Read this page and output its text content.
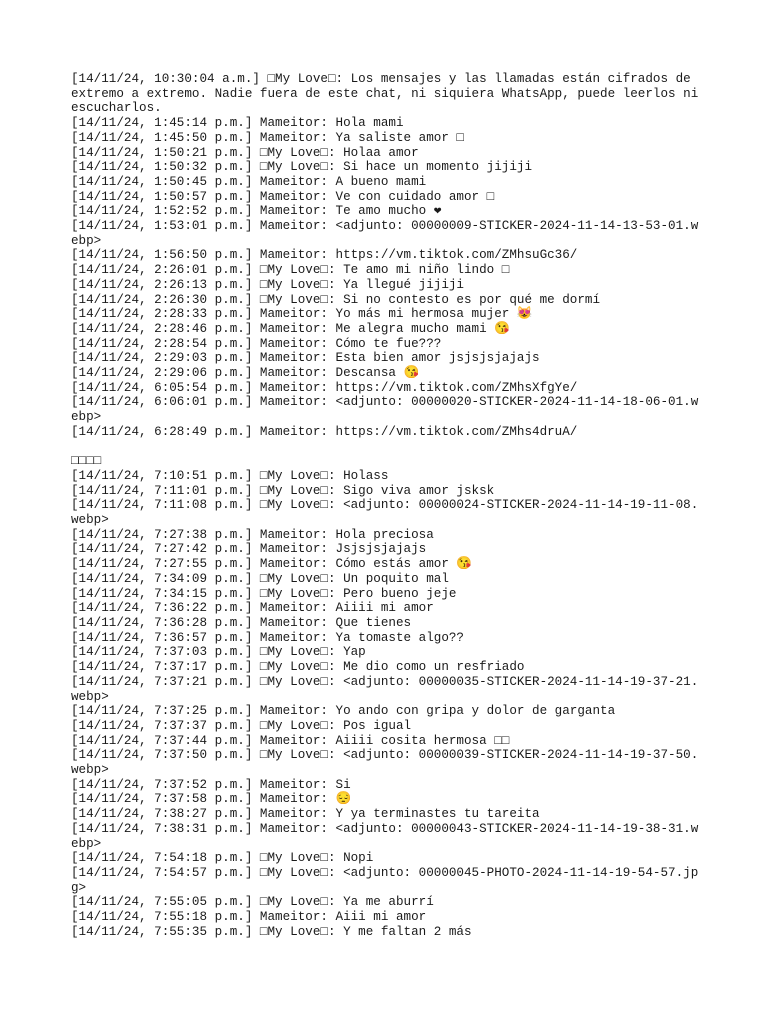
[14/11/24, 10:30:04 a.m.] □My Love□: Los mensajes y las llamadas están cifrados de extremo a extremo. Nadie fuera de este chat, ni siquiera WhatsApp, puede leerlos ni escucharlos.
[14/11/24, 1:45:14 p.m.] Mameitor: Hola mami
[14/11/24, 1:45:50 p.m.] Mameitor: Ya saliste amor □
[14/11/24, 1:50:21 p.m.] □My Love□: Holaa amor
[14/11/24, 1:50:32 p.m.] □My Love□: Si hace un momento jijiji
[14/11/24, 1:50:45 p.m.] Mameitor: A bueno mami
[14/11/24, 1:50:57 p.m.] Mameitor: Ve con cuidado amor □
[14/11/24, 1:52:52 p.m.] Mameitor: Te amo mucho ❤
[14/11/24, 1:53:01 p.m.] Mameitor: <adjunto: 00000009-STICKER-2024-11-14-13-53-01.webp>
[14/11/24, 1:56:50 p.m.] Mameitor: https://vm.tiktok.com/ZMhsuGc36/
[14/11/24, 2:26:01 p.m.] □My Love□: Te amo mi niño lindo □
[14/11/24, 2:26:13 p.m.] □My Love□: Ya llegué jijiji
[14/11/24, 2:26:30 p.m.] □My Love□: Si no contesto es por qué me dormí
[14/11/24, 2:28:33 p.m.] Mameitor: Yo más mi hermosa mujer 😻
[14/11/24, 2:28:46 p.m.] Mameitor: Me alegra mucho mami 😘
[14/11/24, 2:28:54 p.m.] Mameitor: Cómo te fue???
[14/11/24, 2:29:03 p.m.] Mameitor: Esta bien amor jsjsjsjajajs
[14/11/24, 2:29:06 p.m.] Mameitor: Descansa 😘
[14/11/24, 6:05:54 p.m.] Mameitor: https://vm.tiktok.com/ZMhsXfgYe/
[14/11/24, 6:06:01 p.m.] Mameitor: <adjunto: 00000020-STICKER-2024-11-14-18-06-01.webp>
[14/11/24, 6:28:49 p.m.] Mameitor: https://vm.tiktok.com/ZMhs4druA/
□□□□
[14/11/24, 7:10:51 p.m.] □My Love□: Holass
[14/11/24, 7:11:01 p.m.] □My Love□: Sigo viva amor jsksk
[14/11/24, 7:11:08 p.m.] □My Love□: <adjunto: 00000024-STICKER-2024-11-14-19-11-08.webp>
[14/11/24, 7:27:38 p.m.] Mameitor: Hola preciosa
[14/11/24, 7:27:42 p.m.] Mameitor: Jsjsjsjajajs
[14/11/24, 7:27:55 p.m.] Mameitor: Cómo estás amor 😘
[14/11/24, 7:34:09 p.m.] □My Love□: Un poquito mal
[14/11/24, 7:34:15 p.m.] □My Love□: Pero bueno jeje
[14/11/24, 7:36:22 p.m.] Mameitor: Aiiii mi amor
[14/11/24, 7:36:28 p.m.] Mameitor: Que tienes
[14/11/24, 7:36:57 p.m.] Mameitor: Ya tomaste algo??
[14/11/24, 7:37:03 p.m.] □My Love□: Yap
[14/11/24, 7:37:17 p.m.] □My Love□: Me dio como un resfriado
[14/11/24, 7:37:21 p.m.] □My Love□: <adjunto: 00000035-STICKER-2024-11-14-19-37-21.webp>
[14/11/24, 7:37:25 p.m.] Mameitor: Yo ando con gripa y dolor de garganta
[14/11/24, 7:37:37 p.m.] □My Love□: Pos igual
[14/11/24, 7:37:44 p.m.] Mameitor: Aiiii cosita hermosa □□
[14/11/24, 7:37:50 p.m.] □My Love□: <adjunto: 00000039-STICKER-2024-11-14-19-37-50.webp>
[14/11/24, 7:37:52 p.m.] Mameitor: Si
[14/11/24, 7:37:58 p.m.] Mameitor: 😔
[14/11/24, 7:38:27 p.m.] Mameitor: Y ya terminastes tu tareita
[14/11/24, 7:38:31 p.m.] Mameitor: <adjunto: 00000043-STICKER-2024-11-14-19-38-31.webp>
[14/11/24, 7:54:18 p.m.] □My Love□: Nopi
[14/11/24, 7:54:57 p.m.] □My Love□: <adjunto: 00000045-PHOTO-2024-11-14-19-54-57.jpg>
[14/11/24, 7:55:05 p.m.] □My Love□: Ya me aburrí
[14/11/24, 7:55:18 p.m.] Mameitor: Aiii mi amor
[14/11/24, 7:55:35 p.m.] □My Love□: Y me faltan 2 más
